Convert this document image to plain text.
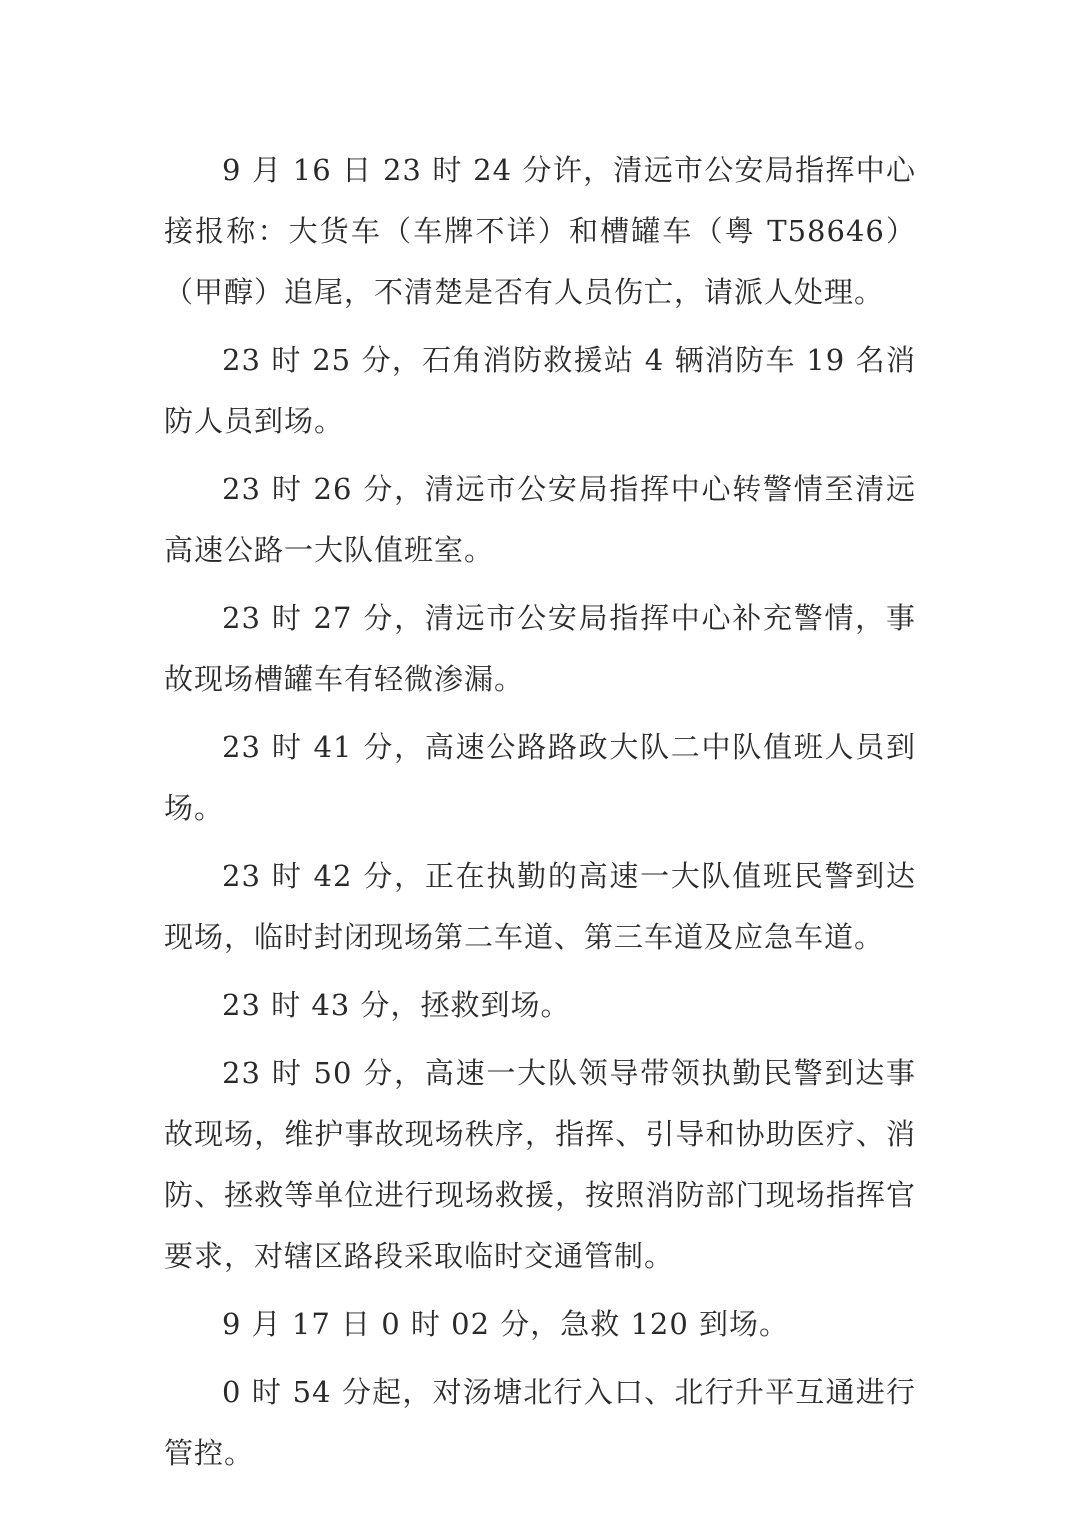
9 月 16 日 23 时 24 分许，清远市公安局指挥中心接报称：大货车（车牌不详）和槽罐车（粤 T58646）（甲醇）追尾，不清楚是否有人员伤亡，请派人处理。

23 时 25 分，石角消防救援站 4 辆消防车 19 名消防人员到场。

23 时 26 分，清远市公安局指挥中心转警情至清远高速公路一大队值班室。

23 时 27 分，清远市公安局指挥中心补充警情，事故现场槽罐车有轻微渗漏。

23 时 41 分，高速公路路政大队二中队值班人员到场。

23 时 42 分，正在执勤的高速一大队值班民警到达现场，临时封闭现场第二车道、第三车道及应急车道。

23 时 43 分，拯救到场。

23 时 50 分，高速一大队领导带领执勤民警到达事故现场，维护事故现场秩序，指挥、引导和协助医疗、消防、拯救等单位进行现场救援，按照消防部门现场指挥官要求，对辖区路段采取临时交通管制。

9 月 17 日 0 时 02 分，急救 120 到场。

0 时 54 分起，对汤塘北行入口、北行升平互通进行管控。
